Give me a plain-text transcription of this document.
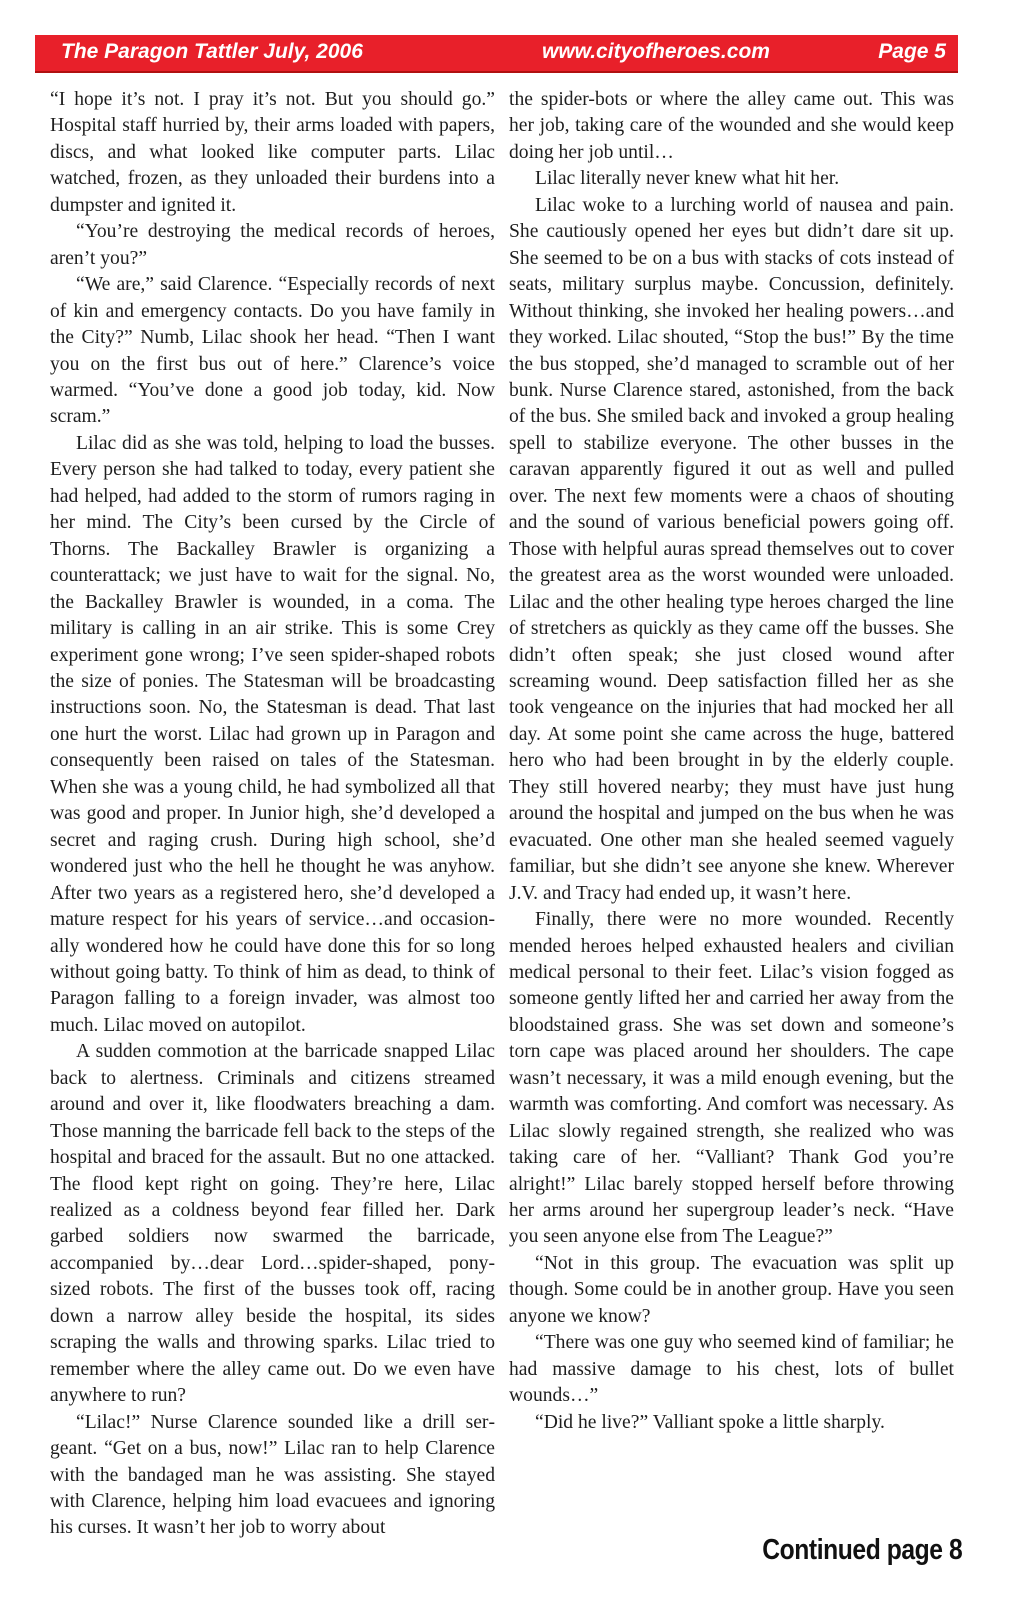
The Paragon Tattler July, 2006	www.cityofheroes.com	Page 5

“I hope it’s not. I pray it’s not. But you should go.” Hospital staff hurried by, their arms loaded with papers, discs, and what looked like computer parts. Lilac watched, frozen, as they unloaded their burdens into a dumpster and ignited it.

“You’re destroying the medical records of heroes, aren’t you?”

“We are,” said Clarence. “Especially records of next of kin and emergency contacts. Do you have family in the City?” Numb, Lilac shook her head. “Then I want you on the first bus out of here.” Clarence’s voice warmed. “You’ve done a good job today, kid. Now scram.”

Lilac did as she was told, helping to load the busses. Every person she had talked to today, every patient she had helped, had added to the storm of rumors raging in her mind. The City’s been cursed by the Circle of Thorns. The Backalley Brawler is organizing a counterattack; we just have to wait for the signal. No, the Backalley Brawler is wounded, in a coma. The military is calling in an air strike. This is some Crey experiment gone wrong; I’ve seen spider-shaped robots the size of ponies. The Statesman will be broadcasting instructions soon. No, the Statesman is dead. That last one hurt the worst. Lilac had grown up in Paragon and consequently been raised on tales of the Statesman. When she was a young child, he had symbolized all that was good and proper. In Junior high, she’d developed a secret and raging crush. During high school, she’d wondered just who the hell he thought he was anyhow. After two years as a registered hero, she’d developed a mature respect for his years of service…and occasionally wondered how he could have done this for so long without going batty. To think of him as dead, to think of Paragon falling to a foreign invader, was almost too much. Lilac moved on autopilot.

A sudden commotion at the barricade snapped Lilac back to alertness. Criminals and citizens streamed around and over it, like floodwaters breaching a dam. Those manning the barricade fell back to the steps of the hospital and braced for the assault. But no one attacked. The flood kept right on going. They’re here, Lilac realized as a coldness beyond fear filled her. Dark garbed soldiers now swarmed the barricade, accompanied by…dear Lord…spider-shaped, pony-sized robots. The first of the busses took off, racing down a narrow alley beside the hospital, its sides scraping the walls and throwing sparks. Lilac tried to remember where the alley came out. Do we even have anywhere to run?

“Lilac!” Nurse Clarence sounded like a drill sergeant. “Get on a bus, now!” Lilac ran to help Clarence with the bandaged man he was assisting. She stayed with Clarence, helping him load evacuees and ignoring his curses. It wasn’t her job to worry about

the spider-bots or where the alley came out. This was her job, taking care of the wounded and she would keep doing her job until…

Lilac literally never knew what hit her.

Lilac woke to a lurching world of nausea and pain. She cautiously opened her eyes but didn’t dare sit up. She seemed to be on a bus with stacks of cots instead of seats, military surplus maybe. Concussion, definitely. Without thinking, she invoked her healing powers…and they worked. Lilac shouted, “Stop the bus!” By the time the bus stopped, she’d managed to scramble out of her bunk. Nurse Clarence stared, astonished, from the back of the bus. She smiled back and invoked a group healing spell to stabilize everyone. The other busses in the caravan apparently figured it out as well and pulled over. The next few moments were a chaos of shouting and the sound of various beneficial powers going off. Those with helpful auras spread themselves out to cover the greatest area as the worst wounded were unloaded. Lilac and the other healing type heroes charged the line of stretchers as quickly as they came off the busses. She didn’t often speak; she just closed wound after screaming wound. Deep satisfaction filled her as she took vengeance on the injuries that had mocked her all day. At some point she came across the huge, battered hero who had been brought in by the elderly couple. They still hovered nearby; they must have just hung around the hospital and jumped on the bus when he was evacuated. One other man she healed seemed vaguely familiar, but she didn’t see anyone she knew. Wherever J.V. and Tracy had ended up, it wasn’t here.

Finally, there were no more wounded. Recently mended heroes helped exhausted healers and civilian medical personal to their feet. Lilac’s vision fogged as someone gently lifted her and carried her away from the bloodstained grass. She was set down and someone’s torn cape was placed around her shoulders. The cape wasn’t necessary, it was a mild enough evening, but the warmth was comforting. And comfort was necessary. As Lilac slowly regained strength, she realized who was taking care of her. “Valliant? Thank God you’re alright!” Lilac barely stopped herself before throwing her arms around her supergroup leader’s neck. “Have you seen anyone else from The League?”

“Not in this group. The evacuation was split up though. Some could be in another group. Have you seen anyone we know?

“There was one guy who seemed kind of familiar; he had massive damage to his chest, lots of bullet wounds…”

“Did he live?” Valliant spoke a little sharply.

Continued page 8
